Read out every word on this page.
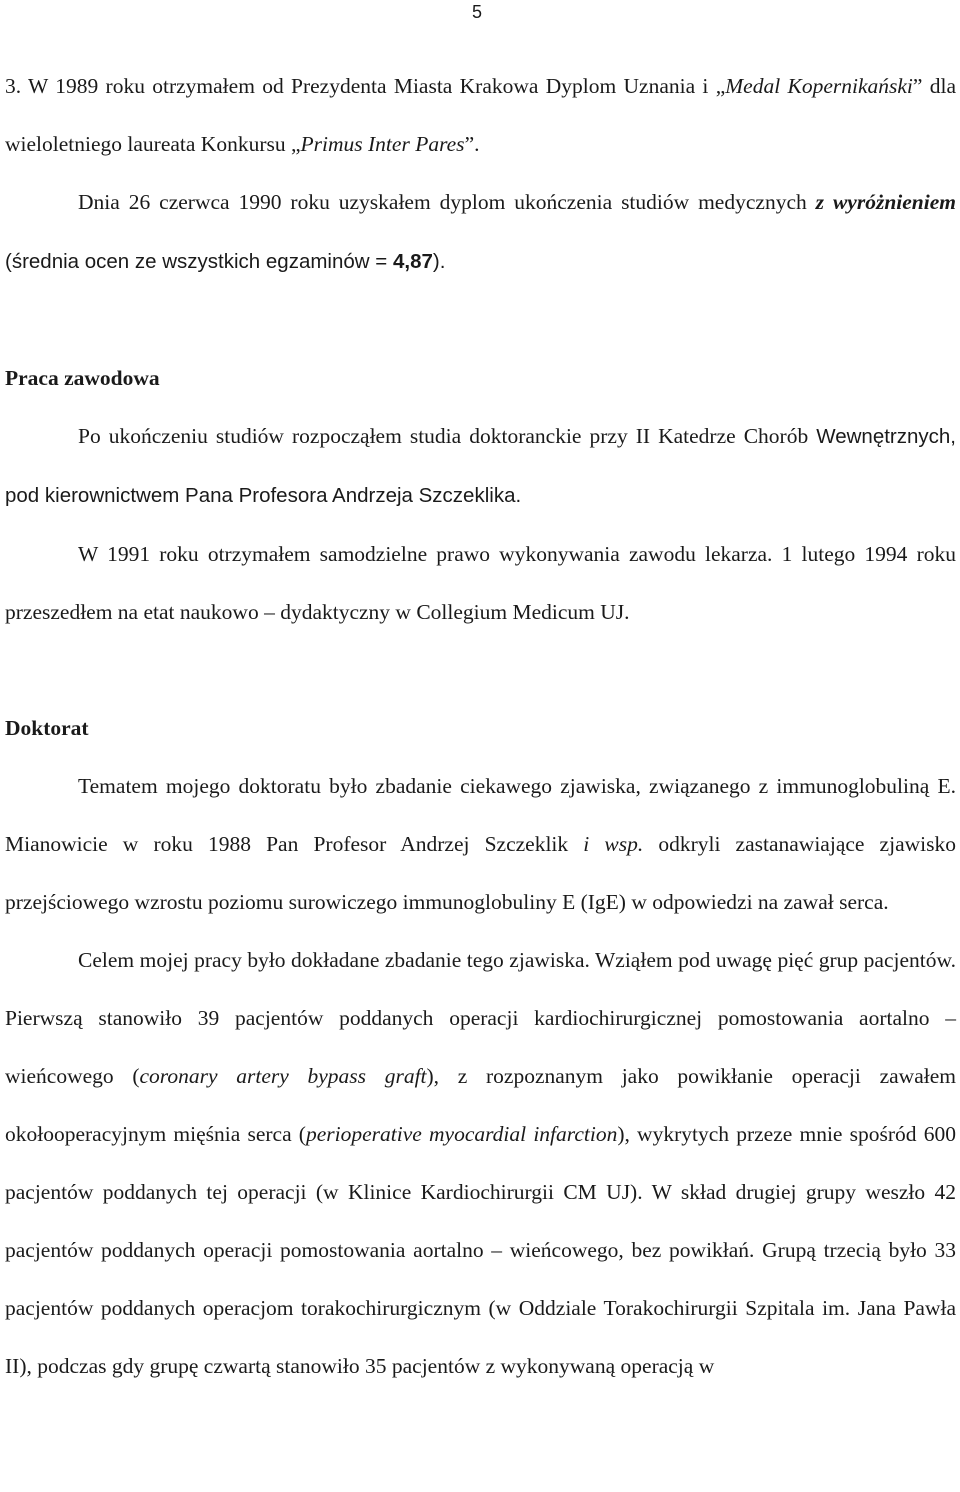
5

3. W 1989 roku otrzymałem od Prezydenta Miasta Krakowa Dyplom Uznania i „Medal Kopernikański” dla wieloletniego laureata Konkursu „Primus Inter Pares”.

Dnia 26 czerwca 1990 roku uzyskałem dyplom ukończenia studiów medycznych z wyróżnieniem (średnia ocen ze wszystkich egzaminów = 4,87).

Praca zawodowa

Po ukończeniu studiów rozpocząłem studia doktoranckie przy II Katedrze Chorób Wewnętrznych, pod kierownictwem Pana Profesora Andrzeja Szczeklika.

W 1991 roku otrzymałem samodzielne prawo wykonywania zawodu lekarza. 1 lutego 1994 roku przeszedłem na etat naukowo – dydaktyczny w Collegium Medicum UJ.

Doktorat

Tematem mojego doktoratu było zbadanie ciekawego zjawiska, związanego z immunoglobuliną E. Mianowicie w roku 1988 Pan Profesor Andrzej Szczeklik i wsp. odkryli zastanawiające zjawisko przejściowego wzrostu poziomu surowiczego immunoglobuliny E (IgE) w odpowiedzi na zawał serca.

Celem mojej pracy było dokładane zbadanie tego zjawiska. Wziąłem pod uwagę pięć grup pacjentów. Pierwszą stanowiło 39 pacjentów poddanych operacji kardiochirurgicznej pomostowania aortalno – wieńcowego (coronary artery bypass graft), z rozpoznanym jako powikłanie operacji zawałem okołooperacyjnym mięśnia serca (perioperative myocardial infarction), wykrytych przeze mnie spośród 600 pacjentów poddanych tej operacji (w Klinice Kardiochirurgii CM UJ). W skład drugiej grupy weszło 42 pacjentów poddanych operacji pomostowania aortalno – wieńcowego, bez powikłań. Grupą trzecią było 33 pacjentów poddanych operacjom torakochirurgicznym (w Oddziale Torakochirurgii Szpitala im. Jana Pawła II), podczas gdy grupę czwartą stanowiło 35 pacjentów z wykonywaną operacją w
